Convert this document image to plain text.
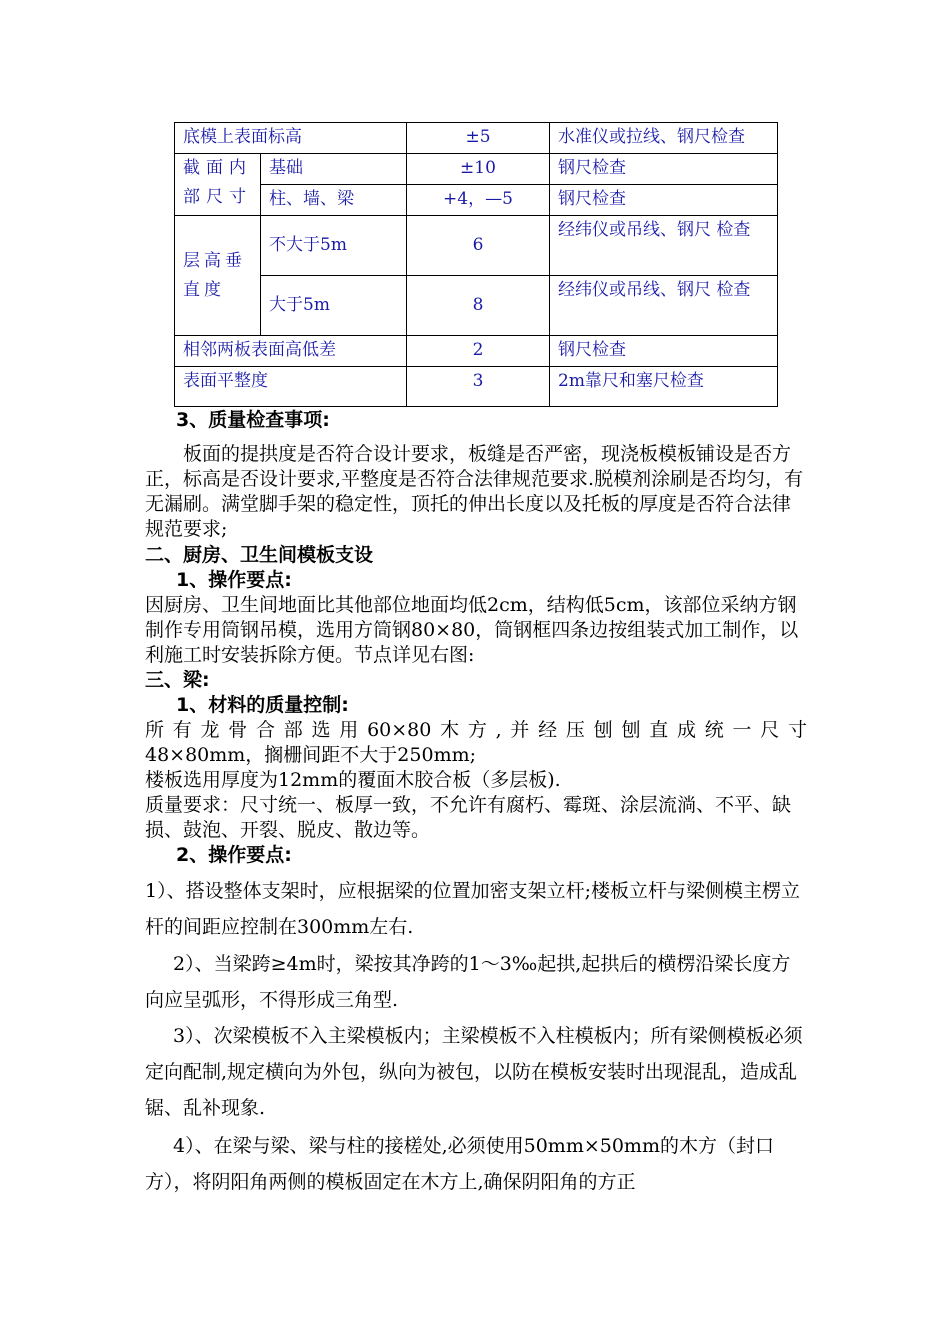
底模上表面标高		±5	水准仪或拉线、钢尺检查
截面内部尺寸	基础	±10	钢尺检查
	柱、墙、梁	+4，—5	钢尺检查
层高垂直度	不大于5m	6	经纬仪或吊线、钢尺 检查
	大于5m	8	经纬仪或吊线、钢尺 检查
相邻两板表面高低差		2	钢尺检查
表面平整度		3	2m靠尺和塞尺检查
3、质量检查事项:
板面的提拱度是否符合设计要求，板缝是否严密，现浇板模板铺设是否方正，标高是否设计要求,平整度是否符合法律规范要求.脱模剂涂刷是否均匀，有无漏刷。满堂脚手架的稳定性，顶托的伸出长度以及托板的厚度是否符合法律规范要求;
二、厨房、卫生间模板支设
1、操作要点:
因厨房、卫生间地面比其他部位地面均低2cm，结构低5cm，该部位采纳方钢制作专用筒钢吊模，选用方筒钢80×80，筒钢框四条边按组装式加工制作，以利施工时安装拆除方便。节点详见右图:
三、梁:
1、材料的质量控制:
所有龙骨合部选用60×80木方,并经压刨刨直成统一尺寸
48×80mm，搁栅间距不大于250mm;
楼板选用厚度为12mm的覆面木胶合板（多层板).
质量要求：尺寸统一、板厚一致，不允许有腐朽、霉斑、涂层流淌、不平、缺损、鼓泡、开裂、脱皮、散边等。
2、操作要点:
1）、搭设整体支架时，应根据梁的位置加密支架立杆;楼板立杆与梁侧模主楞立杆的间距应控制在300mm左右.
2）、当梁跨≥4m时，梁按其净跨的1～3‰起拱,起拱后的横楞沿梁长度方向应呈弧形，不得形成三角型.
3）、次梁模板不入主梁模板内；主梁模板不入柱模板内；所有梁侧模板必须定向配制,规定横向为外包，纵向为被包，以防在模板安装时出现混乱，造成乱锯、乱补现象.
4）、在梁与梁、梁与柱的接槎处,必须使用50mm×50mm的木方（封口方），将阴阳角两侧的模板固定在木方上,确保阴阳角的方正
